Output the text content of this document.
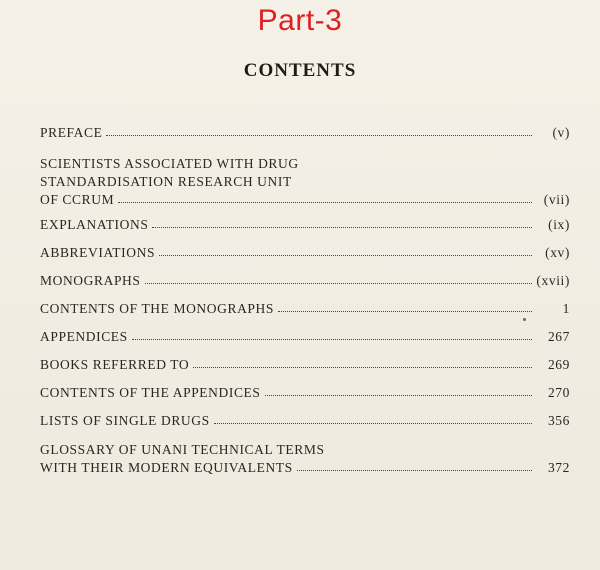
Part-3
CONTENTS
PREFACE	(v)
SCIENTISTS ASSOCIATED WITH DRUG
STANDARDISATION RESEARCH UNIT
OF CCRUM	(vii)
EXPLANATIONS	(ix)
ABBREVIATIONS	(xv)
MONOGRAPHS	(xvii)
CONTENTS OF THE MONOGRAPHS	1
APPENDICES	267
BOOKS REFERRED TO	269
CONTENTS OF THE APPENDICES	270
LISTS OF SINGLE DRUGS	356
GLOSSARY OF UNANI TECHNICAL TERMS
WITH THEIR MODERN EQUIVALENTS	372
